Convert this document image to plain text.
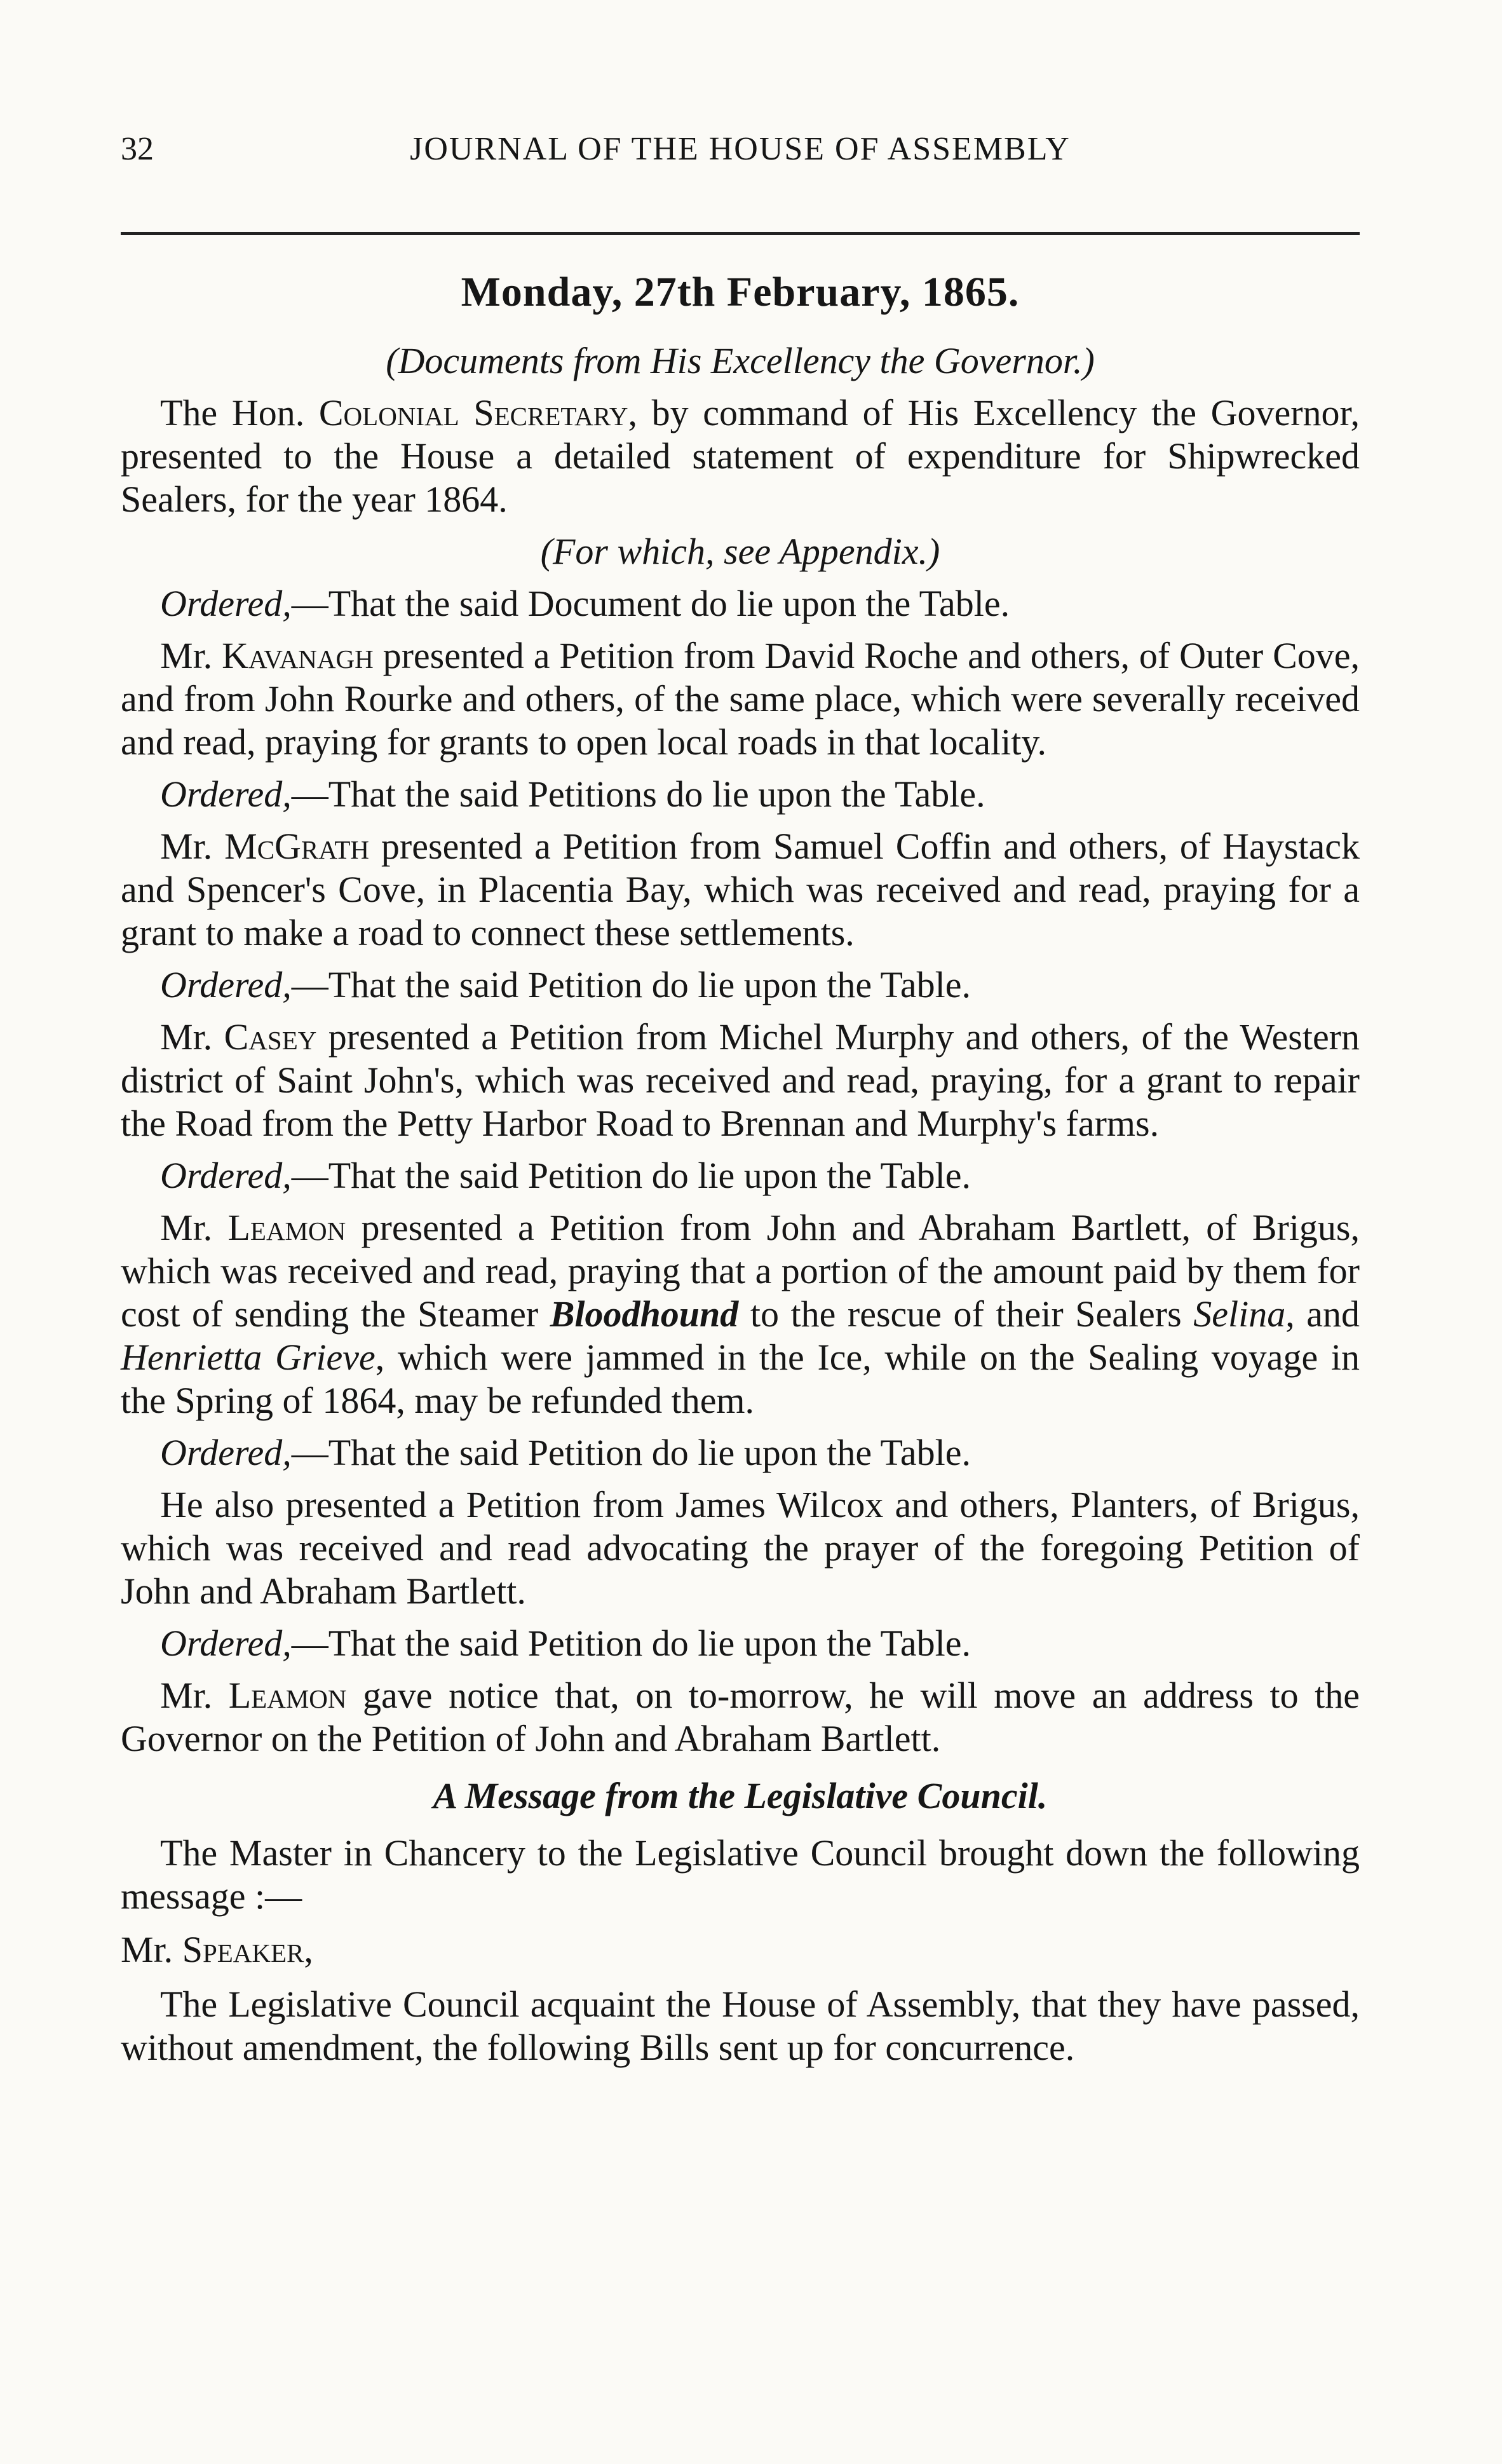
32	JOURNAL OF THE HOUSE OF ASSEMBLY

Monday, 27th February, 1865.

(Documents from His Excellency the Governor.)

The Hon. Colonial Secretary, by command of His Excellency the Governor, presented to the House a detailed statement of expenditure for Shipwrecked Sealers, for the year 1864.

(For which, see Appendix.)

Ordered,—That the said Document do lie upon the Table.

Mr. Kavanagh presented a Petition from David Roche and others, of Outer Cove, and from John Rourke and others, of the same place, which were severally received and read, praying for grants to open local roads in that locality.

Ordered,—That the said Petitions do lie upon the Table.

Mr. McGrath presented a Petition from Samuel Coffin and others, of Haystack and Spencer's Cove, in Placentia Bay, which was received and read, praying for a grant to make a road to connect these settlements.

Ordered,—That the said Petition do lie upon the Table.

Mr. Casey presented a Petition from Michel Murphy and others, of the Western district of Saint John's, which was received and read, praying, for a grant to repair the Road from the Petty Harbor Road to Brennan and Murphy's farms.

Ordered,—That the said Petition do lie upon the Table.

Mr. Leamon presented a Petition from John and Abraham Bartlett, of Brigus, which was received and read, praying that a portion of the amount paid by them for cost of sending the Steamer Bloodhound to the rescue of their Sealers Selina, and Henrietta Grieve, which were jammed in the Ice, while on the Sealing voyage in the Spring of 1864, may be refunded them.

Ordered,—That the said Petition do lie upon the Table.

He also presented a Petition from James Wilcox and others, Planters, of Brigus, which was received and read advocating the prayer of the foregoing Petition of John and Abraham Bartlett.

Ordered,—That the said Petition do lie upon the Table.

Mr. Leamon gave notice that, on to-morrow, he will move an address to the Governor on the Petition of John and Abraham Bartlett.

A Message from the Legislative Council.

The Master in Chancery to the Legislative Council brought down the following message :—

Mr. Speaker,

The Legislative Council acquaint the House of Assembly, that they have passed, without amendment, the following Bills sent up for concurrence.
